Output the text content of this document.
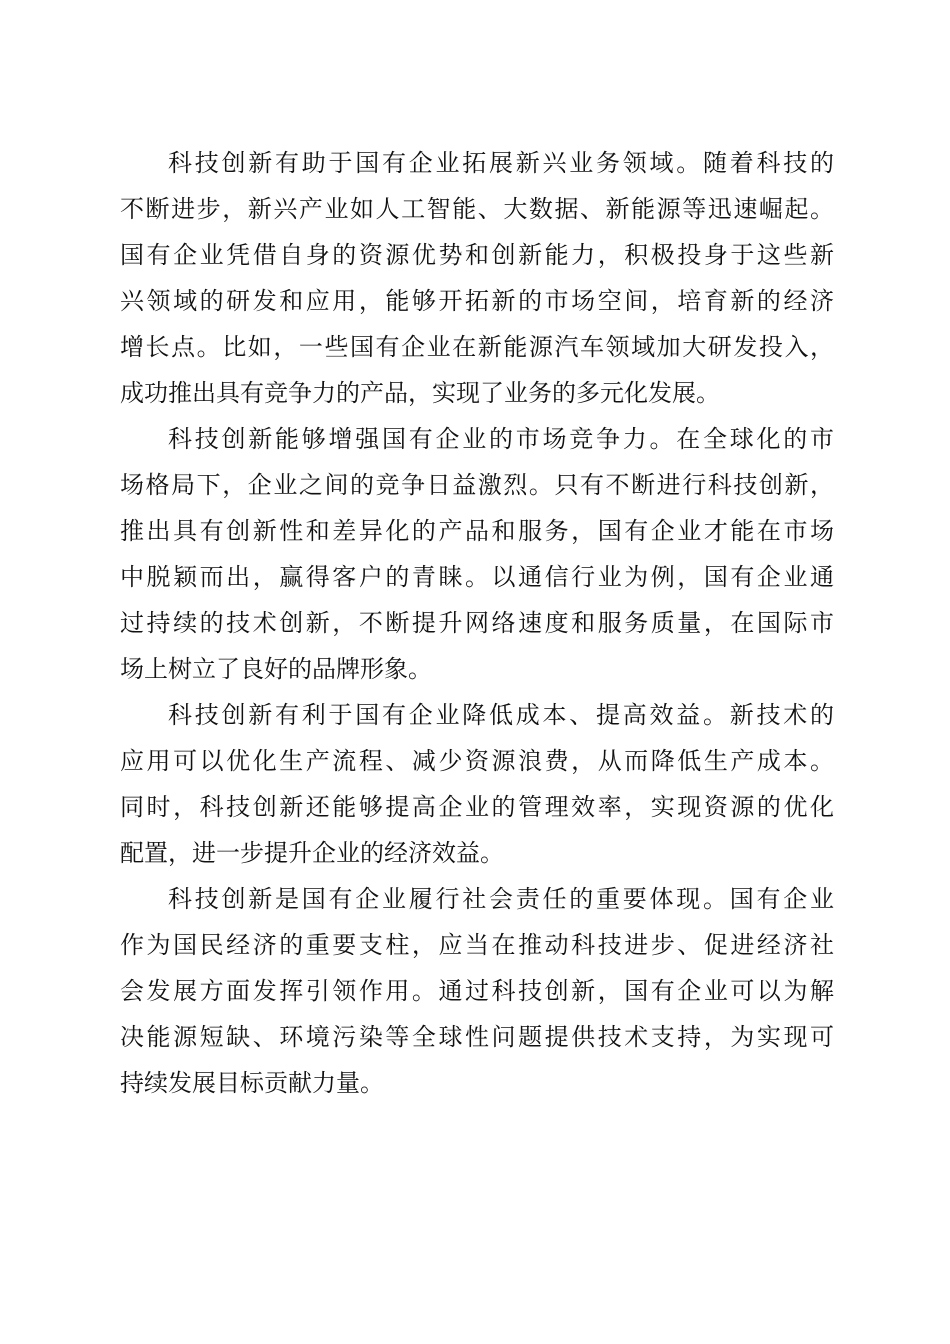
科技创新有助于国有企业拓展新兴业务领域。随着科技的
不断进步，新兴产业如人工智能、大数据、新能源等迅速崛起。
国有企业凭借自身的资源优势和创新能力，积极投身于这些新
兴领域的研发和应用，能够开拓新的市场空间，培育新的经济
增长点。比如，一些国有企业在新能源汽车领域加大研发投入，
成功推出具有竞争力的产品，实现了业务的多元化发展。
科技创新能够增强国有企业的市场竞争力。在全球化的市
场格局下，企业之间的竞争日益激烈。只有不断进行科技创新，
推出具有创新性和差异化的产品和服务，国有企业才能在市场
中脱颖而出，赢得客户的青睐。以通信行业为例，国有企业通
过持续的技术创新，不断提升网络速度和服务质量，在国际市
场上树立了良好的品牌形象。
科技创新有利于国有企业降低成本、提高效益。新技术的
应用可以优化生产流程、减少资源浪费，从而降低生产成本。
同时，科技创新还能够提高企业的管理效率，实现资源的优化
配置，进一步提升企业的经济效益。
科技创新是国有企业履行社会责任的重要体现。国有企业
作为国民经济的重要支柱，应当在推动科技进步、促进经济社
会发展方面发挥引领作用。通过科技创新，国有企业可以为解
决能源短缺、环境污染等全球性问题提供技术支持，为实现可
持续发展目标贡献力量。
